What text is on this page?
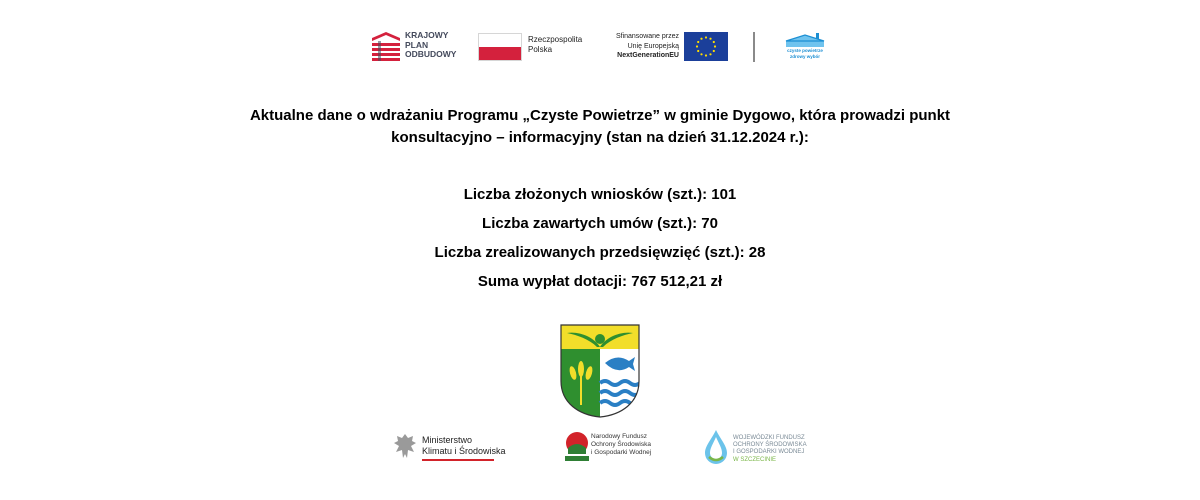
KRAJOWY
PLAN
ODBUDOWY
Rzeczpospolita
Polska
Sfinansowane przez
Unię Europejską
NextGenerationEU
czyste powietrze
zdrowy wybór
Aktualne dane o wdrażaniu Programu „Czyste Powietrze” w gminie Dygowo, która prowadzi punkt
konsultacyjno – informacyjny (stan na dzień 31.12.2024 r.):
Liczba złożonych wniosków (szt.): 101
Liczba zawartych umów (szt.): 70
Liczba zrealizowanych przedsięwzięć (szt.): 28
Suma wypłat dotacji: 767 512,21 zł
Ministerstwo
Klimatu i Środowiska
Narodowy Fundusz
Ochrony Środowiska
i Gospodarki Wodnej
WOJEWÓDZKI FUNDUSZ
OCHRONY ŚRODOWISKA
I GOSPODARKI WODNEJ
W SZCZECINIE
